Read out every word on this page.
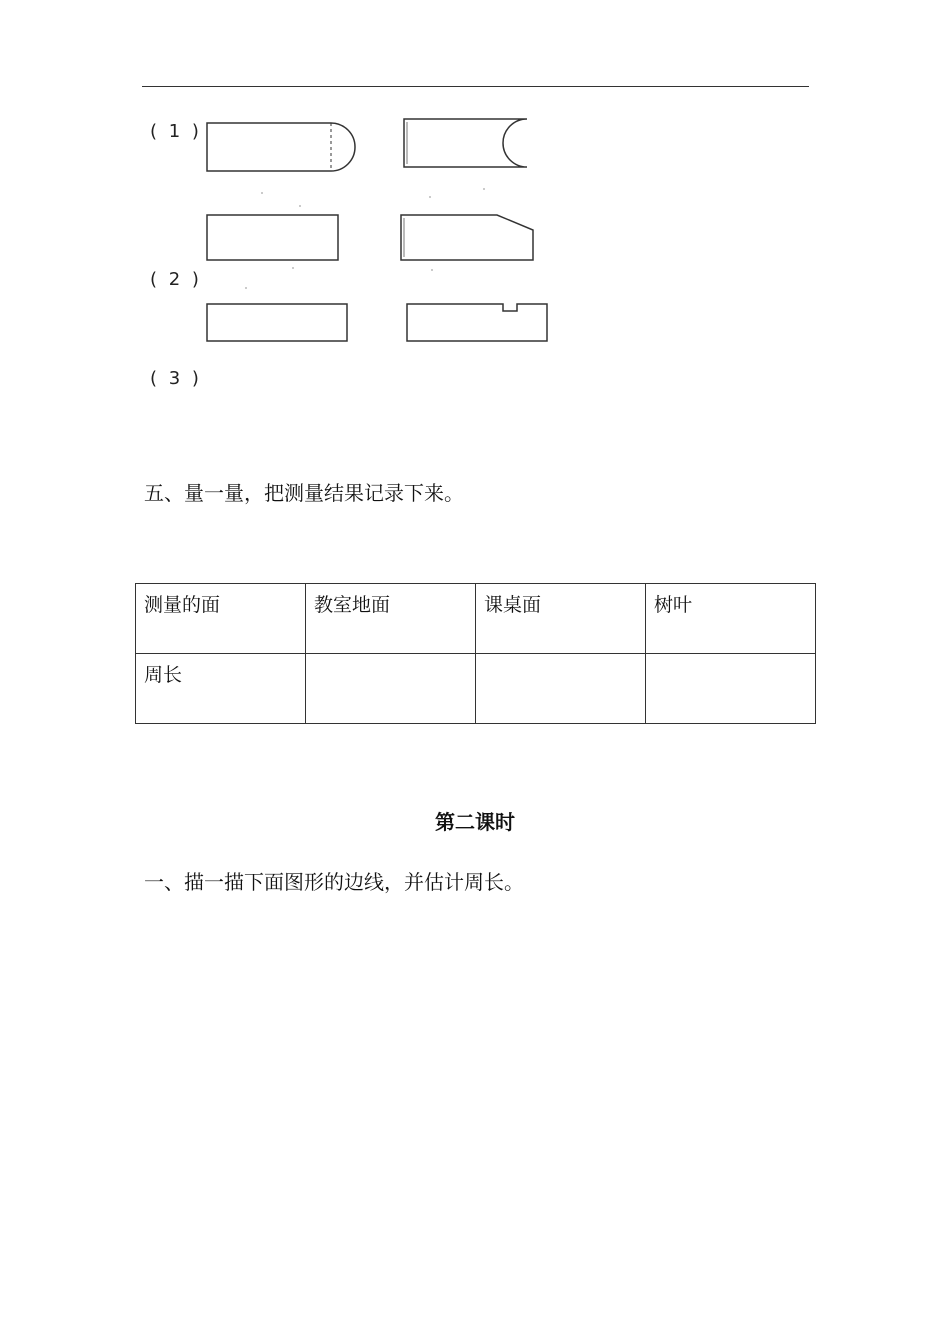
( 1 )
( 2 )
( 3 )
五、量一量，把测量结果记录下来。
测量的面	教室地面	课桌面	树叶
周长			
第二课时
一、描一描下面图形的边线，并估计周长。
